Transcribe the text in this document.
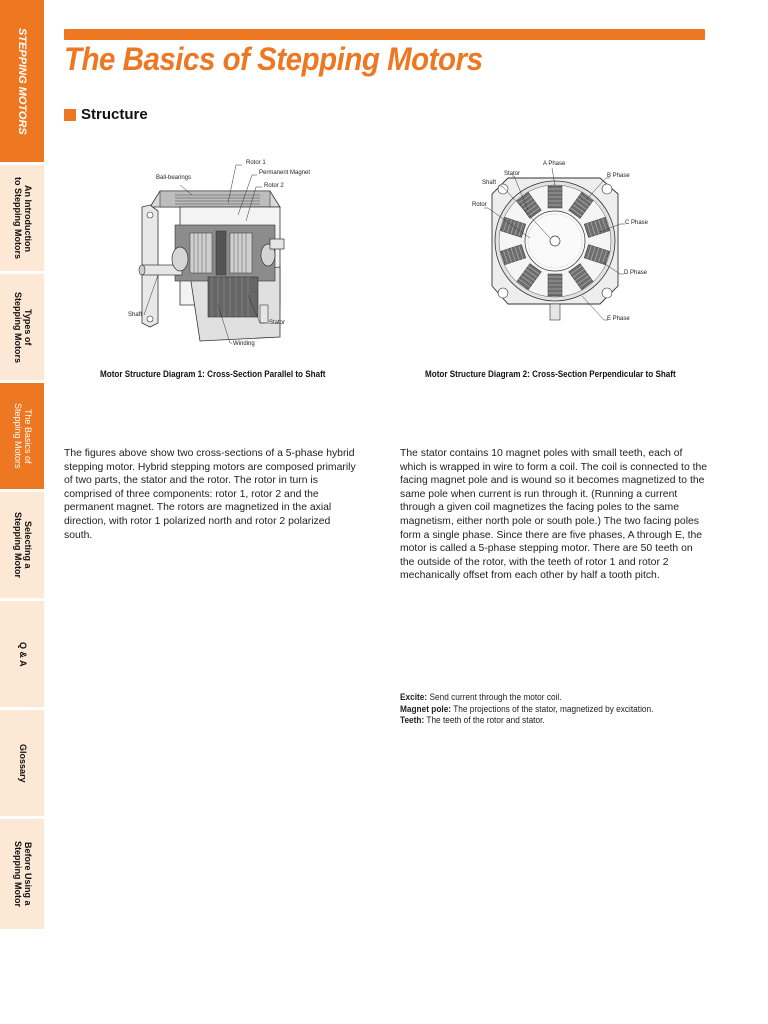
STEPPING MOTORS
An Introduction
to Stepping Motors
Types of
Stepping Motors
The Basics of
Stepping Motors
Selecting a
Stepping Motor
Q & A
Glossary
Before Using a
Stepping Motor
The Basics of Stepping Motors
Structure
Rotor 1
Permanent Magnet
Ball-bearings
Rotor 2
Shaft
Stator
Winding
Motor Structure Diagram 1: Cross-Section Parallel to Shaft
A Phase
Stator	B Phase
Shaft
Rotor
C Phase
D Phase
E Phase
Motor Structure Diagram 2: Cross-Section Perpendicular to Shaft

The figures above show two cross-sections of a 5-phase hybrid stepping motor. Hybrid stepping motors are composed primarily of two parts, the stator and the rotor. The rotor in turn is comprised of three components: rotor 1, rotor 2 and the permanent magnet. The rotors are magnetized in the axial direction, with rotor 1 polarized north and rotor 2 polarized south.

The stator contains 10 magnet poles with small teeth, each of which is wrapped in wire to form a coil. The coil is connected to the facing magnet pole and is wound so it becomes magnetized to the same pole when current is run through it. (Running a current through a given coil magnetizes the facing poles to the same magnetism, either north pole or south pole.) The two facing poles form a single phase. Since there are five phases, A through E, the motor is called a 5-phase stepping motor. There are 50 teeth on the outside of the rotor, with the teeth of rotor 1 and rotor 2 mechanically offset from each other by half a tooth pitch.

Excite: Send current through the motor coil.
Magnet pole: The projections of the stator, magnetized by excitation.
Teeth: The teeth of the rotor and stator.
